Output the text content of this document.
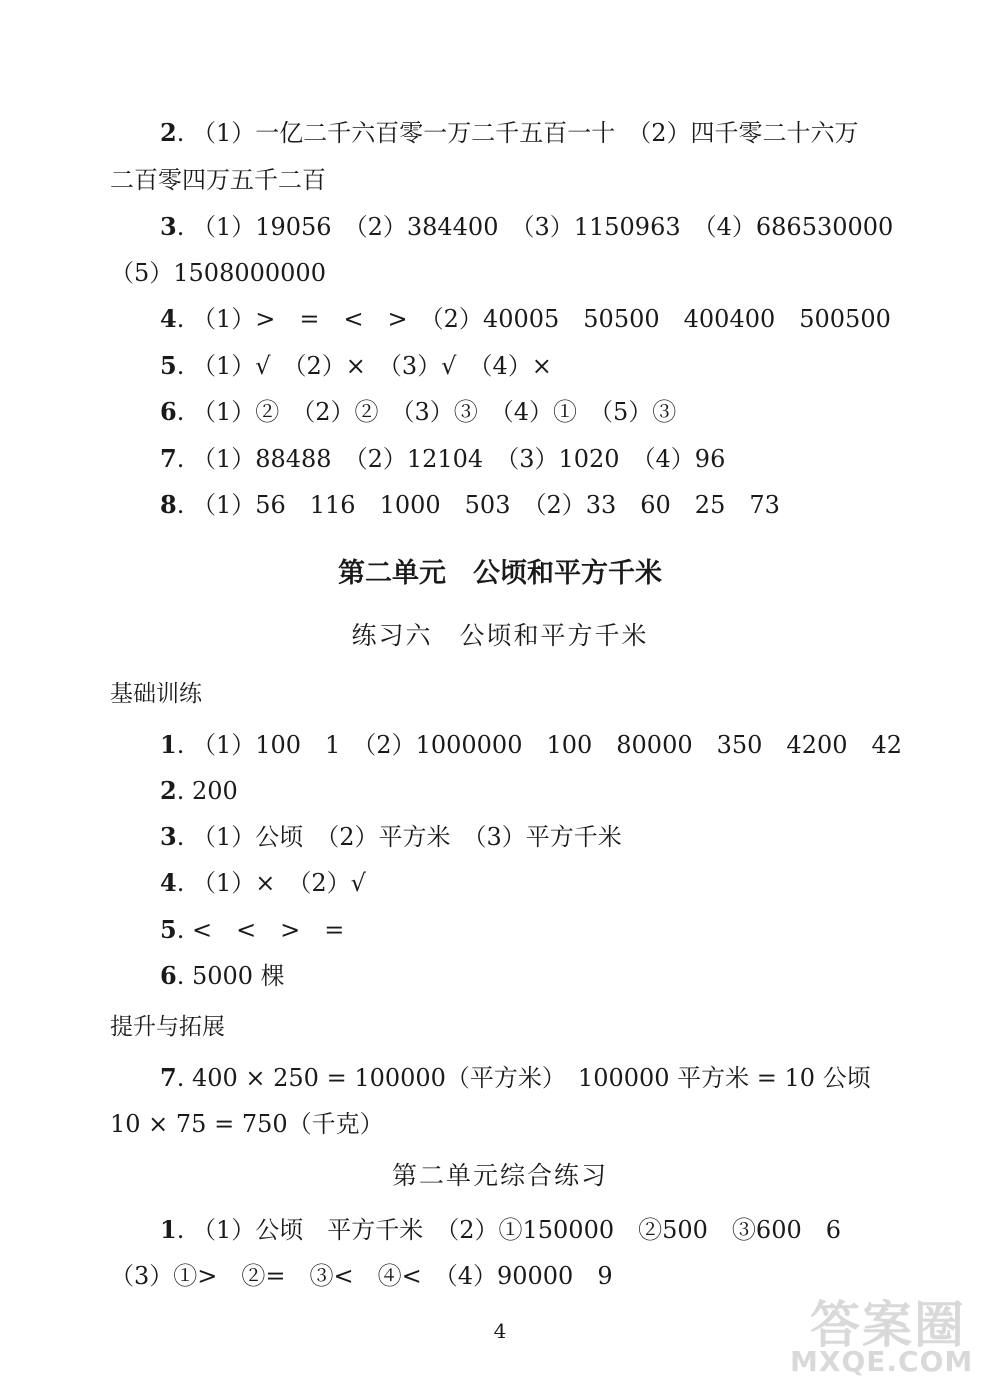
2. （1）一亿二千六百零一万二千五百一十　（2）四千零二十六万
二百零四万五千二百
3. （1）19056　（2）384400　（3）1150963　（4）686530000
（5）1508000000
4. （1）>　=　<　>　（2）40005　50500　400400　500500
5. （1）√　（2）×　（3）√　（4）×
6. （1）②　（2）②　（3）③　（4）①　（5）③
7. （1）88488　（2）12104　（3）1020　（4）96
8. （1）56　116　1000　503　（2）33　60　25　73
第二单元　公顷和平方千米
练习六　公顷和平方千米
基础训练
1. （1）100　1　（2）1000000　100　80000　350　4200　42
2. 200
3. （1）公顷　（2）平方米　（3）平方千米
4. （1）×　（2）√
5. <　<　>　=
6. 5000 棵
提升与拓展
7. 400 × 250 = 100000（平方米）　100000 平方米 = 10 公顷
10 × 75 = 750（千克）
第二单元综合练习
1. （1）公顷　平方千米　（2）①150000　②500　③600　6
（3）①>　②=　③<　④<　（4）90000　9
4	答案圈
MXQE.COM
